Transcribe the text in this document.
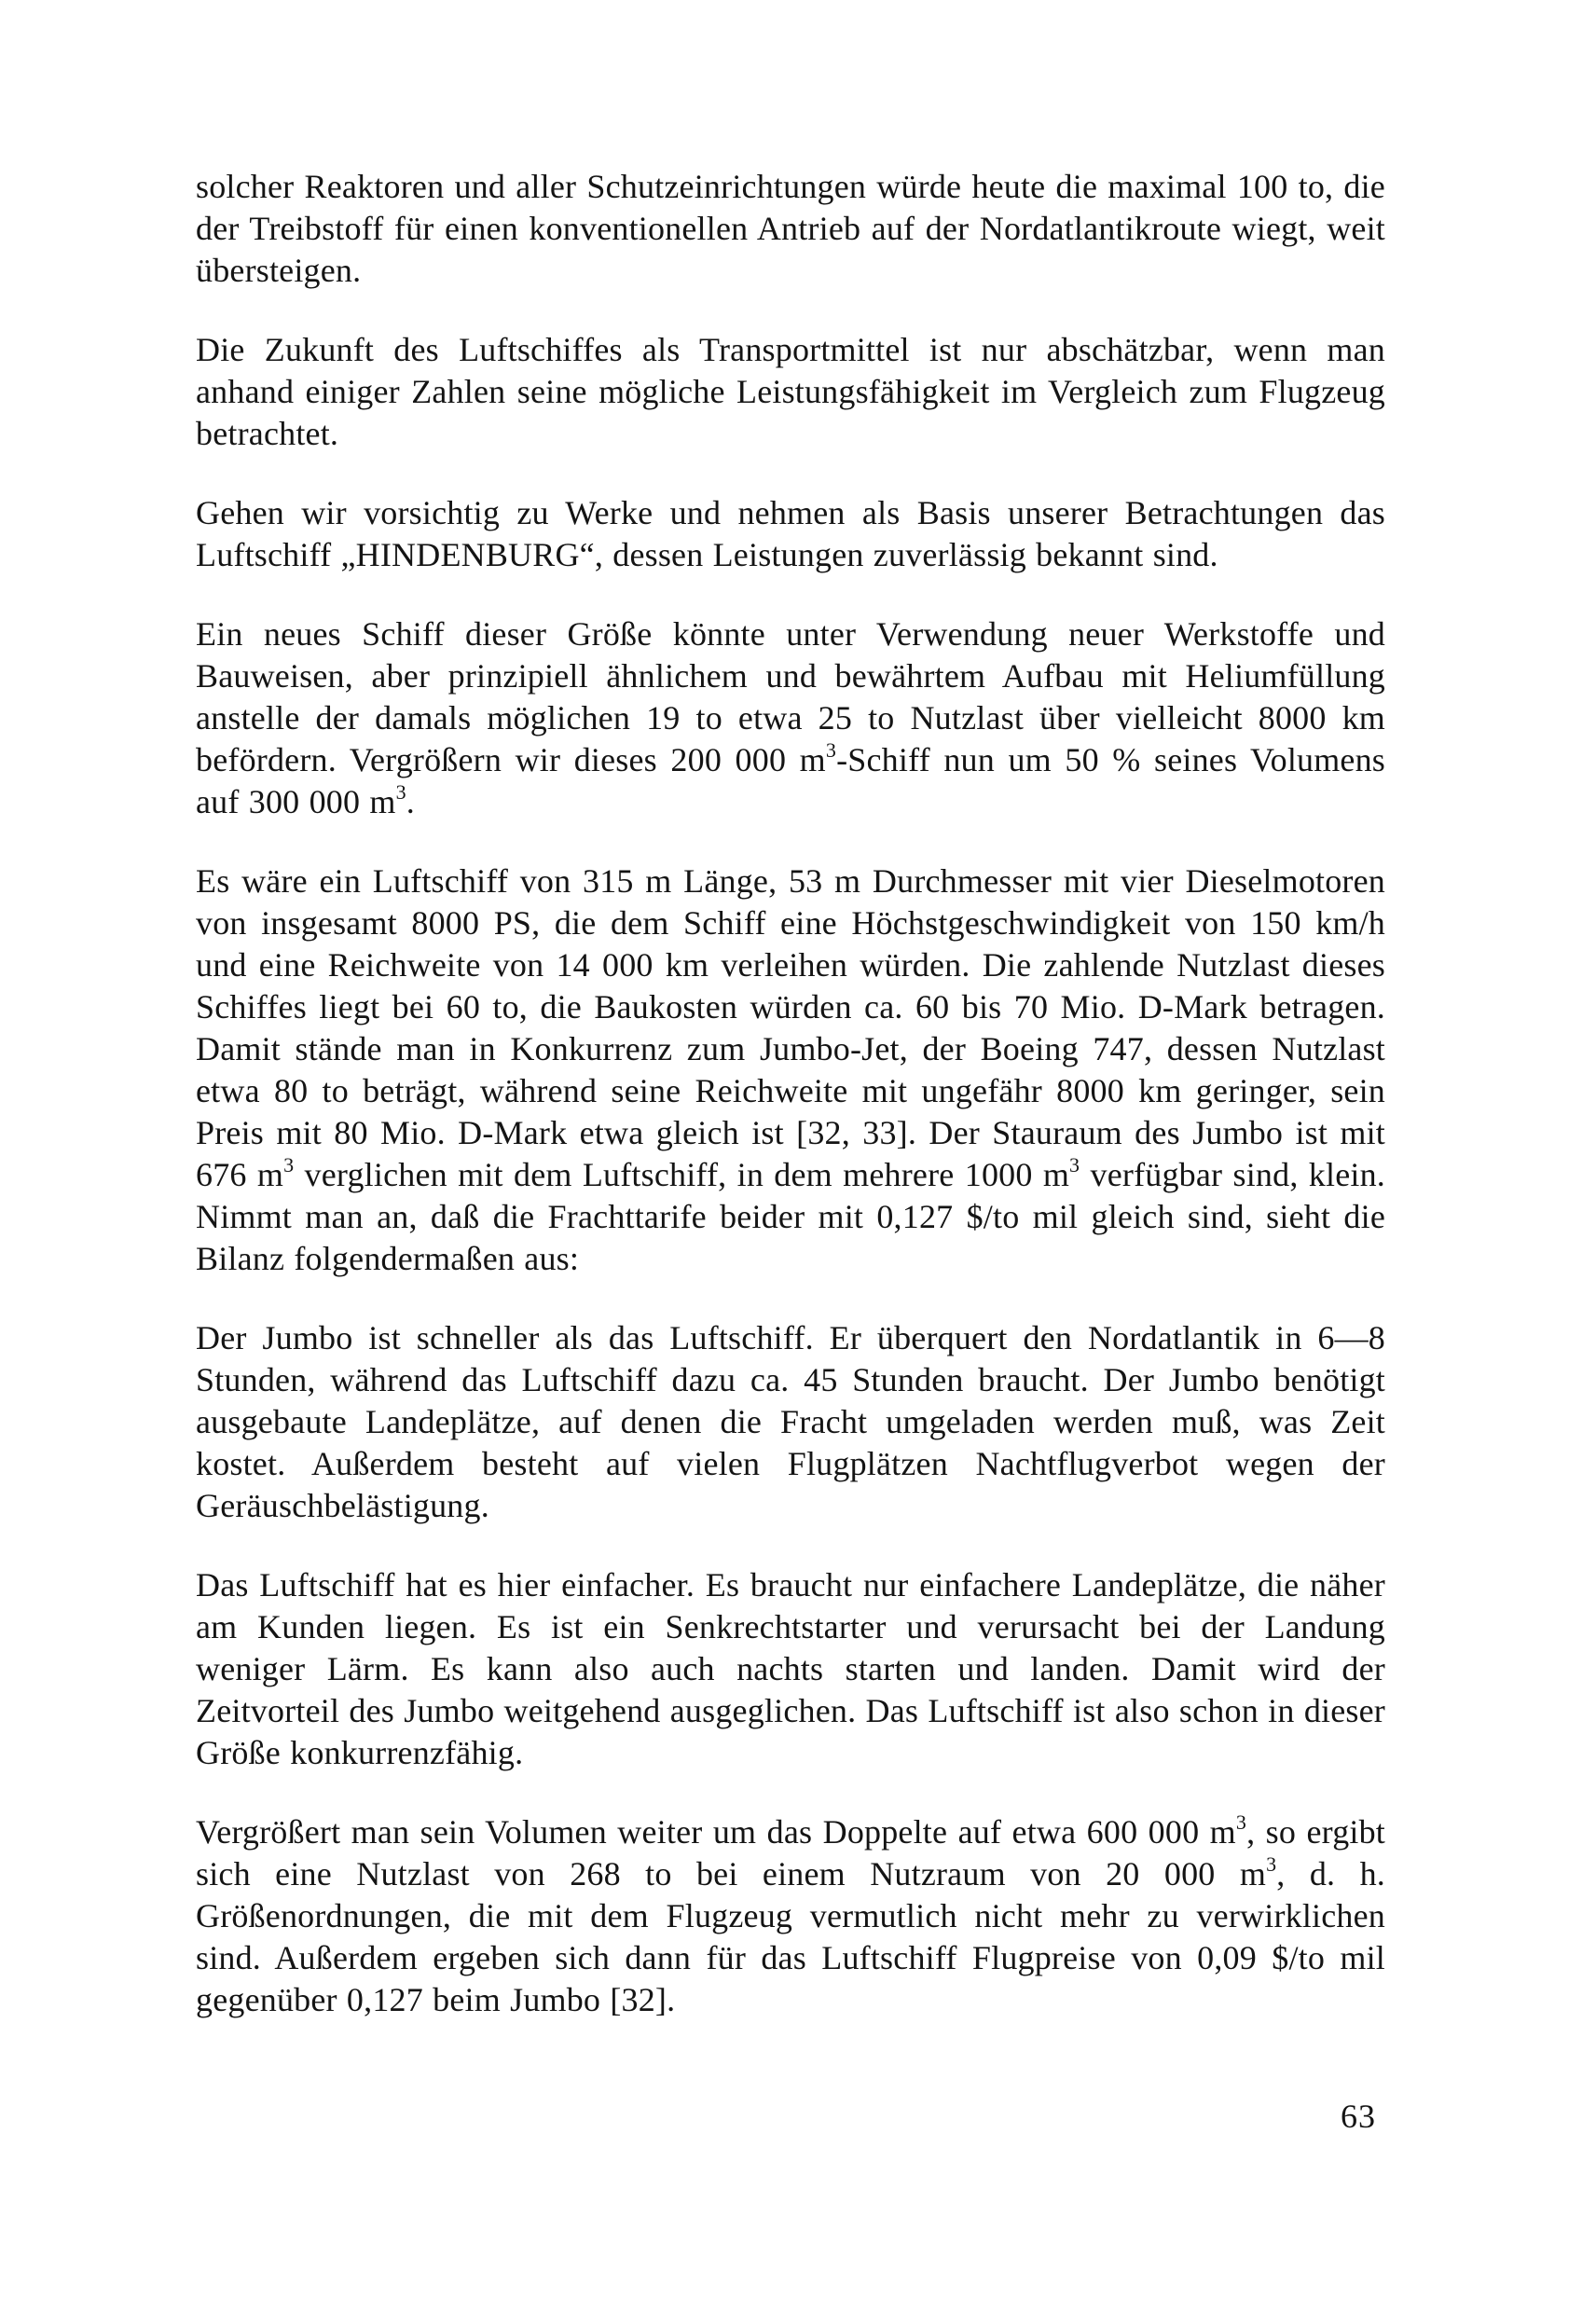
solcher Reaktoren und aller Schutzeinrichtungen würde heute die maximal 100 to, die der Treibstoff für einen konventionellen Antrieb auf der Nordatlantikroute wiegt, weit übersteigen.

Die Zukunft des Luftschiffes als Transportmittel ist nur abschätzbar, wenn man anhand einiger Zahlen seine mögliche Leistungsfähigkeit im Vergleich zum Flugzeug betrachtet.

Gehen wir vorsichtig zu Werke und nehmen als Basis unserer Betrachtungen das Luftschiff „HINDENBURG“, dessen Leistungen zuverlässig bekannt sind.

Ein neues Schiff dieser Größe könnte unter Verwendung neuer Werkstoffe und Bauweisen, aber prinzipiell ähnlichem und bewährtem Aufbau mit Heliumfüllung anstelle der damals möglichen 19 to etwa 25 to Nutzlast über vielleicht 8000 km befördern. Vergrößern wir dieses 200 000 $m^3$-Schiff nun um 50 % seines Volumens auf 300 000 $m^3$.

Es wäre ein Luftschiff von 315 m Länge, 53 m Durchmesser mit vier Dieselmotoren von insgesamt 8000 PS, die dem Schiff eine Höchstgeschwindigkeit von 150 km/h und eine Reichweite von 14 000 km verleihen würden. Die zahlende Nutzlast dieses Schiffes liegt bei 60 to, die Baukosten würden ca. 60 bis 70 Mio. D-Mark betragen. Damit stände man in Konkurrenz zum Jumbo-Jet, der Boeing 747, dessen Nutzlast etwa 80 to beträgt, während seine Reichweite mit ungefähr 8000 km geringer, sein Preis mit 80 Mio. D-Mark etwa gleich ist [32, 33]. Der Stauraum des Jumbo ist mit 676 $m^3$ verglichen mit dem Luftschiff, in dem mehrere 1000 $m^3$ verfügbar sind, klein. Nimmt man an, daß die Frachttarife beider mit 0,127 $/to mil gleich sind, sieht die Bilanz folgendermaßen aus:

Der Jumbo ist schneller als das Luftschiff. Er überquert den Nordatlantik in 6—8 Stunden, während das Luftschiff dazu ca. 45 Stunden braucht. Der Jumbo benötigt ausgebaute Landeplätze, auf denen die Fracht umgeladen werden muß, was Zeit kostet. Außerdem besteht auf vielen Flugplätzen Nachtflugverbot wegen der Geräuschbelästigung.

Das Luftschiff hat es hier einfacher. Es braucht nur einfachere Landeplätze, die näher am Kunden liegen. Es ist ein Senkrechtstarter und verursacht bei der Landung weniger Lärm. Es kann also auch nachts starten und landen. Damit wird der Zeitvorteil des Jumbo weitgehend ausgeglichen. Das Luftschiff ist also schon in dieser Größe konkurrenzfähig.

Vergrößert man sein Volumen weiter um das Doppelte auf etwa 600 000 $m^3$, so ergibt sich eine Nutzlast von 268 to bei einem Nutzraum von 20 000 $m^3$, d. h. Größenordnungen, die mit dem Flugzeug vermutlich nicht mehr zu verwirklichen sind. Außerdem ergeben sich dann für das Luftschiff Flugpreise von 0,09 $/to mil gegenüber 0,127 beim Jumbo [32].

63
